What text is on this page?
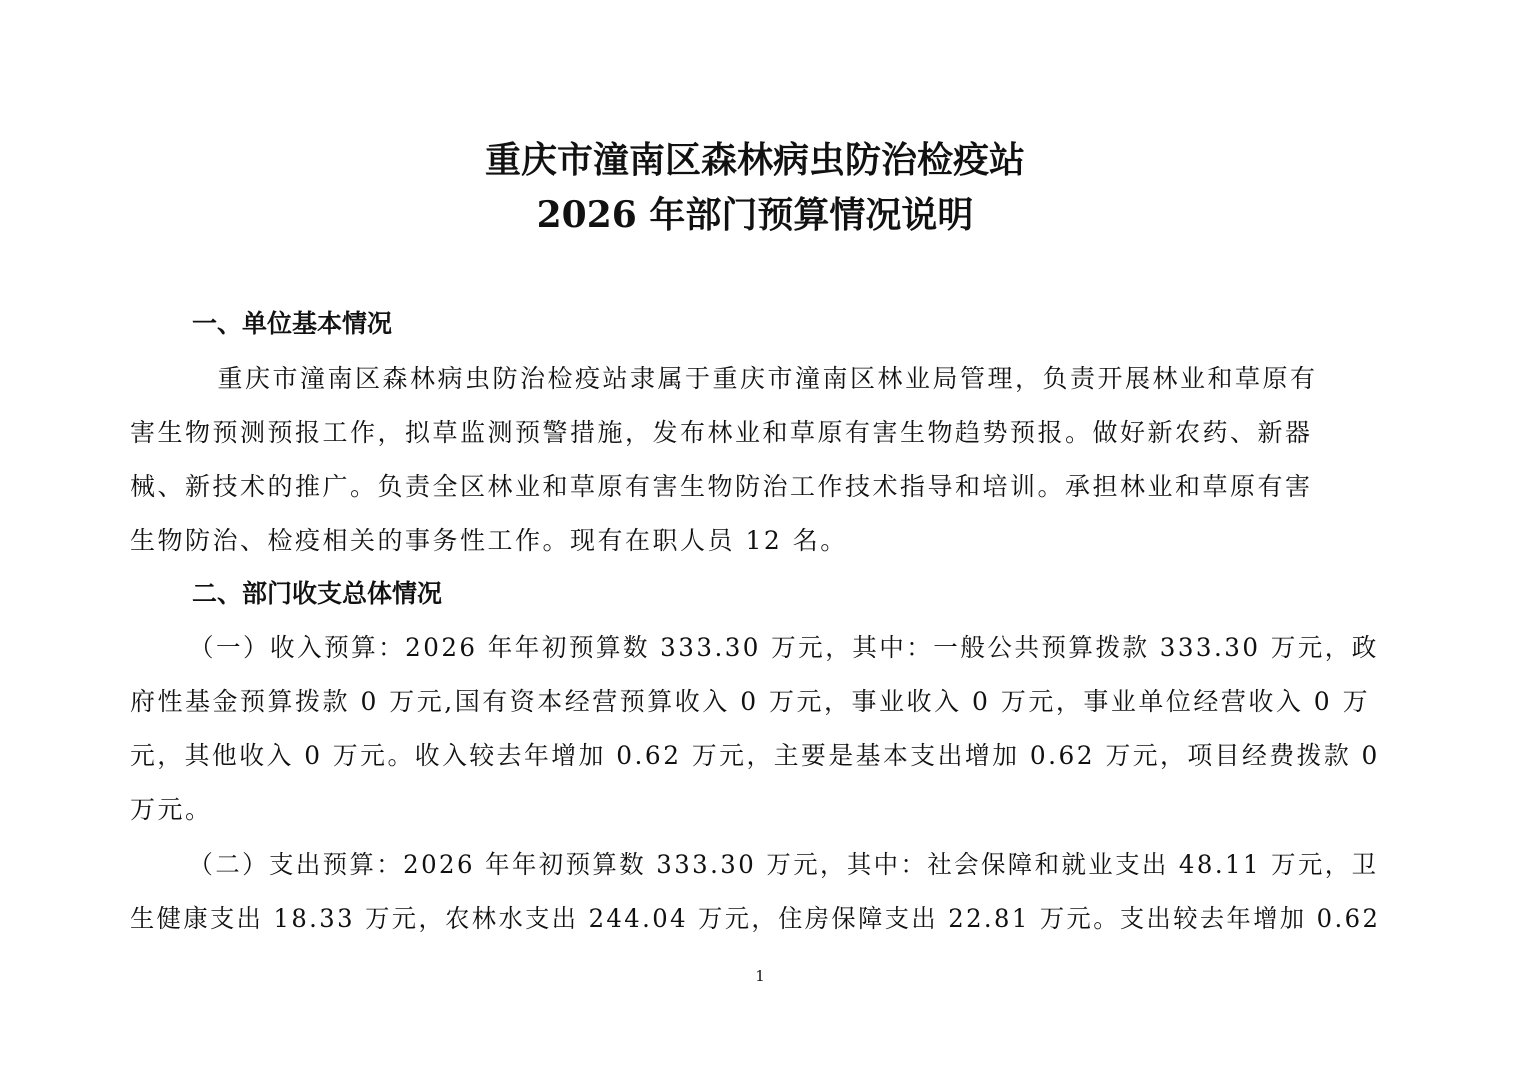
重庆市潼南区森林病虫防治检疫站
2026 年部门预算情况说明
一、单位基本情况
　重庆市潼南区森林病虫防治检疫站隶属于重庆市潼南区林业局管理，负责开展林业和草原有
害生物预测预报工作，拟草监测预警措施，发布林业和草原有害生物趋势预报。做好新农药、新器
械、新技术的推广。负责全区林业和草原有害生物防治工作技术指导和培训。承担林业和草原有害
生物防治、检疫相关的事务性工作。现有在职人员 12 名。
二、部门收支总体情况
（一）收入预算：2026 年年初预算数 333.30 万元，其中：一般公共预算拨款 333.30 万元，政
府性基金预算拨款 0 万元,国有资本经营预算收入 0 万元，事业收入 0 万元，事业单位经营收入 0 万
元，其他收入 0 万元。收入较去年增加 0.62 万元，主要是基本支出增加 0.62 万元，项目经费拨款 0
万元。
（二）支出预算：2026 年年初预算数 333.30 万元，其中：社会保障和就业支出 48.11 万元，卫
生健康支出 18.33 万元，农林水支出 244.04 万元，住房保障支出 22.81 万元。支出较去年增加 0.62
1
